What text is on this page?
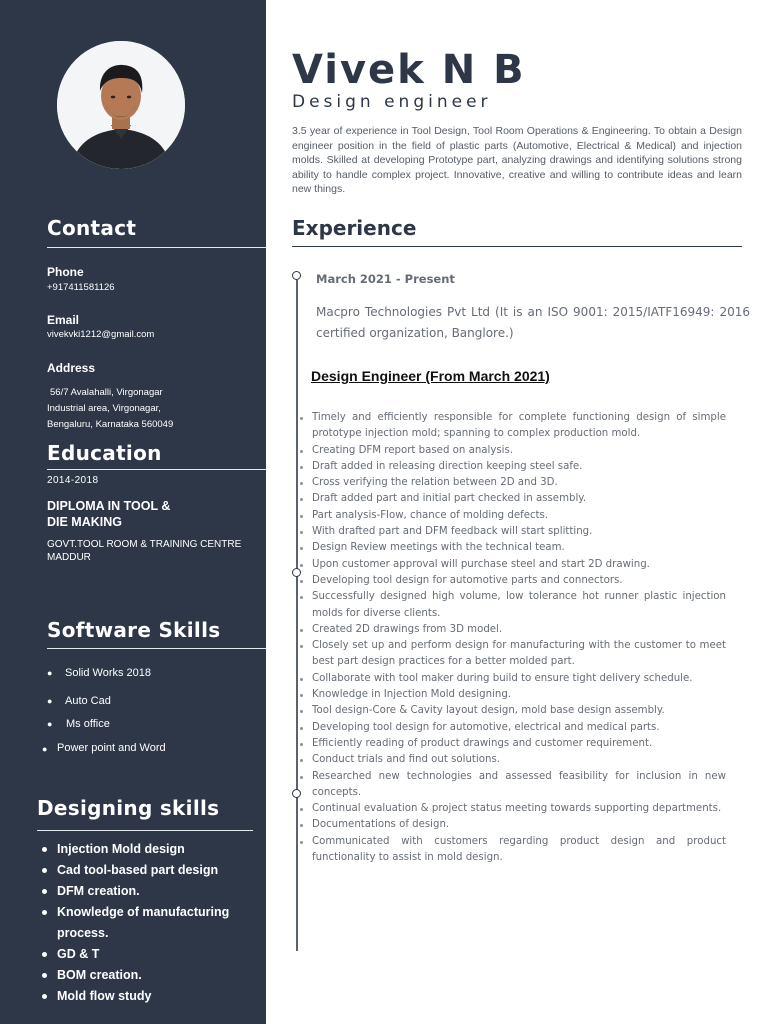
Contact
Phone
+917411581126
Email
vivekvki1212@gmail.com
Address
56/7 Avalahalli, Virgonagar
Industrial area, Virgonagar,
Bengaluru, Karnataka 560049
Education
2014-2018
DIPLOMA IN TOOL &
DIE MAKING
GOVT.TOOL ROOM & TRAINING CENTRE
MADDUR
Software Skills
● Solid Works 2018
● Auto Cad
● Ms office
● Power point and Word
Designing skills
Injection Mold design
Cad tool-based part design
DFM creation.
Knowledge of manufacturing process.
GD & T
BOM creation.
Mold flow study
Vivek N B
Design engineer

3.5 year of experience in Tool Design, Tool Room Operations & Engineering. To obtain a Design engineer position in the field of plastic parts (Automotive, Electrical & Medical) and injection molds. Skilled at developing Prototype part, analyzing drawings and identifying solutions strong ability to handle complex project. Innovative, creative and willing to contribute ideas and learn new things.

Experience
March 2021 - Present

Macpro Technologies Pvt Ltd (It is an ISO 9001: 2015/IATF16949: 2016 certified organization, Banglore.)

Design Engineer (From March 2021)
Timely and efficiently responsible for complete functioning design of simple prototype injection mold; spanning to complex production mold.
Creating DFM report based on analysis.
Draft added in releasing direction keeping steel safe.
Cross verifying the relation between 2D and 3D.
Draft added part and initial part checked in assembly.
Part analysis-Flow, chance of molding defects.
With drafted part and DFM feedback will start splitting.
Design Review meetings with the technical team.
Upon customer approval will purchase steel and start 2D drawing.
Developing tool design for automotive parts and connectors.
Successfully designed high volume, low tolerance hot runner plastic injection molds for diverse clients.
Created 2D drawings from 3D model.
Closely set up and perform design for manufacturing with the customer to meet best part design practices for a better molded part.
Collaborate with tool maker during build to ensure tight delivery schedule.
Knowledge in Injection Mold designing.
Tool design-Core & Cavity layout design, mold base design assembly.
Developing tool design for automotive, electrical and medical parts.
Efficiently reading of product drawings and customer requirement.
Conduct trials and find out solutions.
Researched new technologies and assessed feasibility for inclusion in new concepts.
Continual evaluation & project status meeting towards supporting departments.
Documentations of design.
Communicated with customers regarding product design and product functionality to assist in mold design.
